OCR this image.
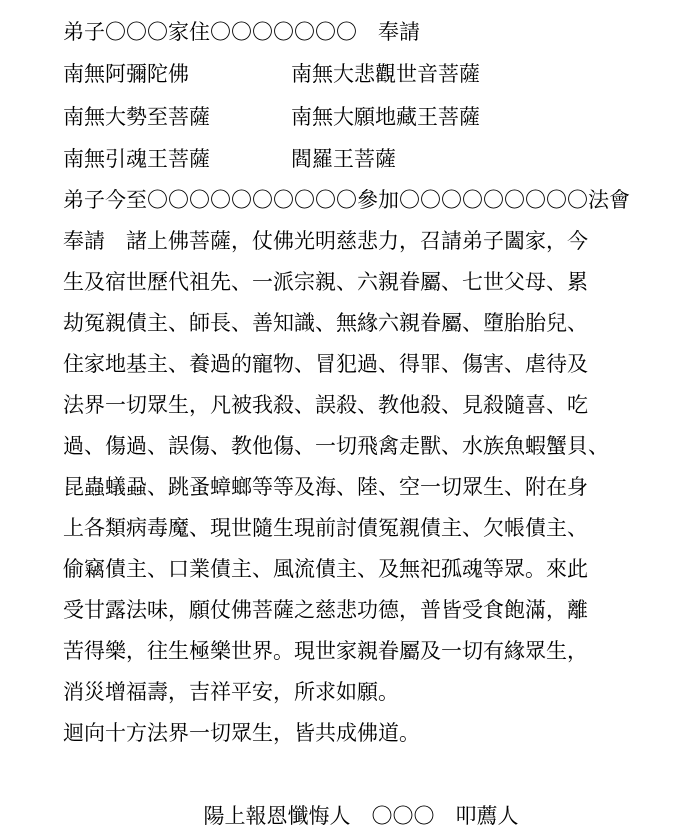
弟子〇〇〇家住〇〇〇〇〇〇〇　奉請
南無阿彌陀佛	南無大悲觀世音菩薩
南無大勢至菩薩	南無大願地藏王菩薩
南無引魂王菩薩	閻羅王菩薩
弟子今至〇〇〇〇〇〇〇〇〇〇參加〇〇〇〇〇〇〇〇〇法會
奉請　諸上佛菩薩，仗佛光明慈悲力，召請弟子闔家，今
生及宿世歷代祖先、一派宗親、六親眷屬、七世父母、累
劫冤親債主、師長、善知識、無緣六親眷屬、墮胎胎兒、
住家地基主、養過的寵物、冒犯過、得罪、傷害、虐待及
法界一切眾生，凡被我殺、誤殺、教他殺、見殺隨喜、吃
過、傷過、誤傷、教他傷、一切飛禽走獸、水族魚蝦蟹貝、
昆蟲蟻蝨、跳蚤蟑螂等等及海、陸、空一切眾生、附在身
上各類病毒魔、現世隨生現前討債冤親債主、欠帳債主、
偷竊債主、口業債主、風流債主、及無祀孤魂等眾。來此
受甘露法味，願仗佛菩薩之慈悲功德，普皆受食飽滿，離
苦得樂，往生極樂世界。現世家親眷屬及一切有緣眾生，
消災增福壽，吉祥平安，所求如願。
迴向十方法界一切眾生，皆共成佛道。
陽上報恩懺悔人　〇〇〇　叩薦人
